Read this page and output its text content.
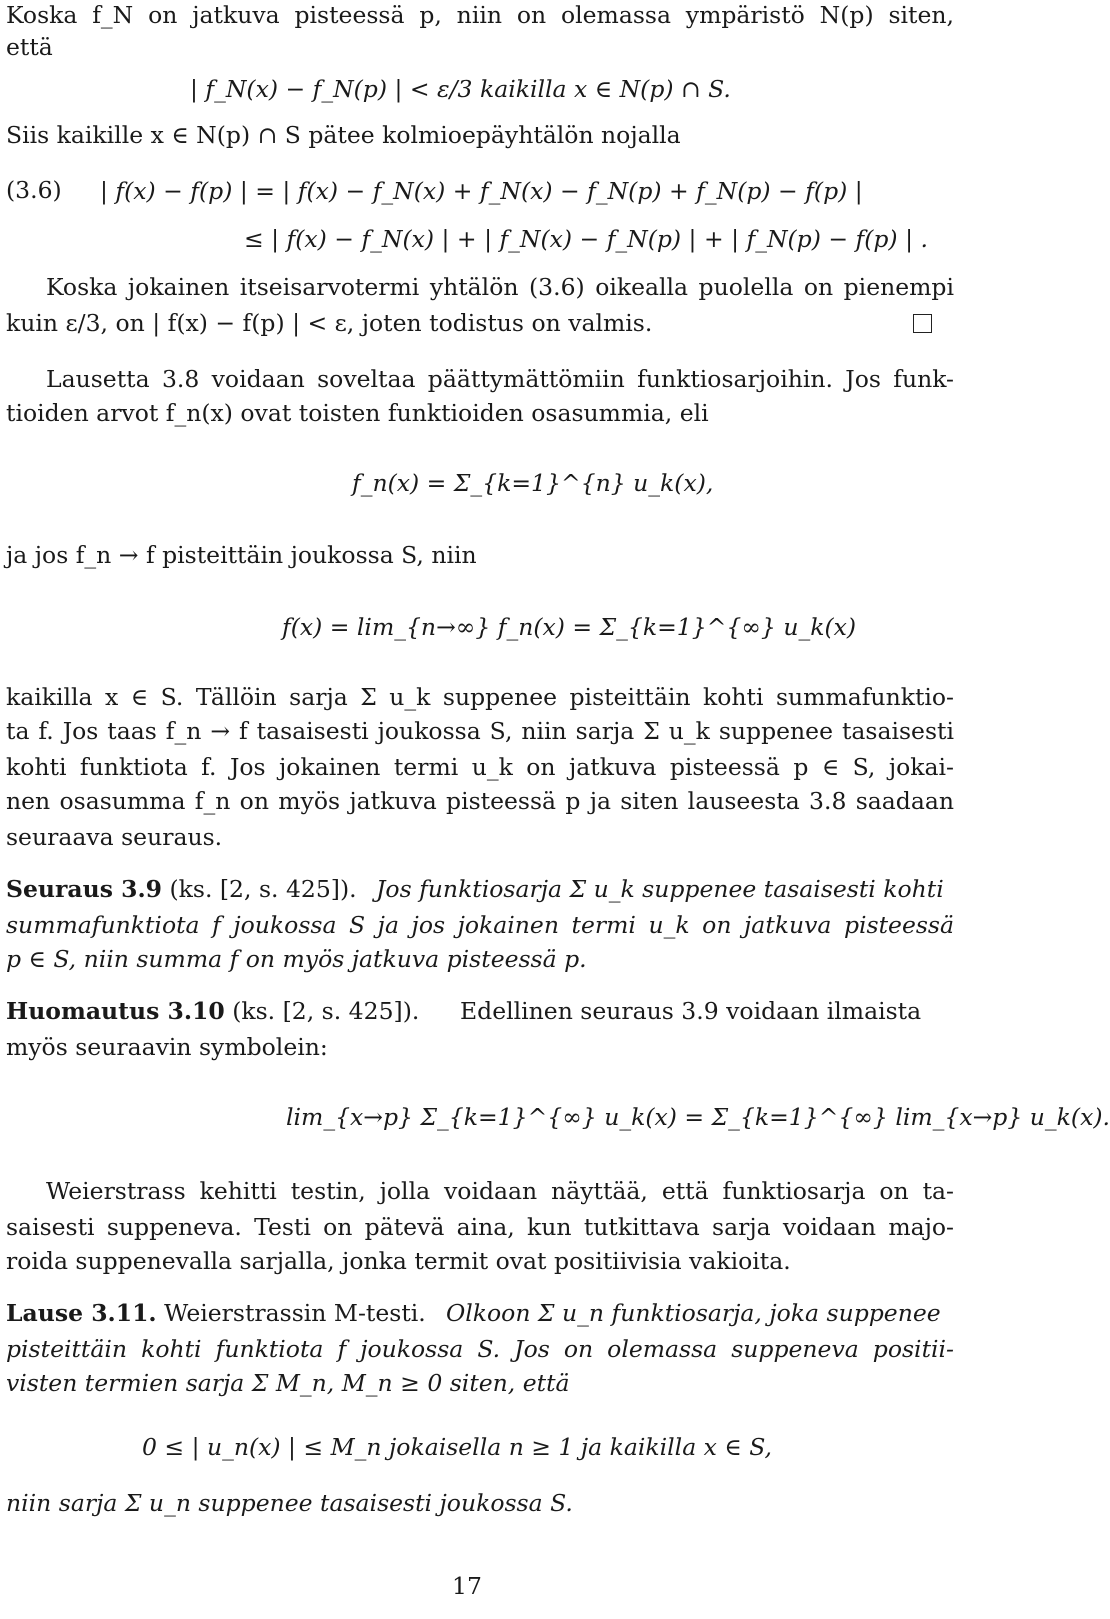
Koska f_N on jatkuva pisteessä p, niin on olemassa ympäristö N(p) siten,
että
| f_N(x) − f_N(p) | < ε/3 kaikilla x ∈ N(p) ∩ S.
Siis kaikille x ∈ N(p) ∩ S pätee kolmioepäyhtälön nojalla
(3.6) | f(x) − f(p) | = | f(x) − f_N(x) + f_N(x) − f_N(p) + f_N(p) − f(p) |
≤ | f(x) − f_N(x) | + | f_N(x) − f_N(p) | + | f_N(p) − f(p) | .
Koska jokainen itseisarvotermi yhtälön (3.6) oikealla puolella on pienempi
kuin ε/3, on | f(x) − f(p) | < ε, joten todistus on valmis.
Lausetta 3.8 voidaan soveltaa päättymättömiin funktiosarjoihin. Jos funk-
tioiden arvot f_n(x) ovat toisten funktioiden osasummia, eli
f_n(x) = Σ_{k=1}^{n} u_k(x),
ja jos f_n → f pisteittäin joukossa S, niin
f(x) = lim_{n→∞} f_n(x) = Σ_{k=1}^{∞} u_k(x)
kaikilla x ∈ S. Tällöin sarja Σ u_k suppenee pisteittäin kohti summafunktio-
ta f. Jos taas f_n → f tasaisesti joukossa S, niin sarja Σ u_k suppenee tasaisesti
kohti funktiota f. Jos jokainen termi u_k on jatkuva pisteessä p ∈ S, jokai-
nen osasumma f_n on myös jatkuva pisteessä p ja siten lauseesta 3.8 saadaan
seuraava seuraus.
Seuraus 3.9 (ks. [2, s. 425]). Jos funktiosarja Σ u_k suppenee tasaisesti kohti
summafunktiota f joukossa S ja jos jokainen termi u_k on jatkuva pisteessä
p ∈ S, niin summa f on myös jatkuva pisteessä p.
Huomautus 3.10 (ks. [2, s. 425]). Edellinen seuraus 3.9 voidaan ilmaista
myös seuraavin symbolein:
lim_{x→p} Σ_{k=1}^{∞} u_k(x) = Σ_{k=1}^{∞} lim_{x→p} u_k(x).
Weierstrass kehitti testin, jolla voidaan näyttää, että funktiosarja on ta-
saisesti suppeneva. Testi on pätevä aina, kun tutkittava sarja voidaan majo-
roida suppenevalla sarjalla, jonka termit ovat positiivisia vakioita.
Lause 3.11. Weierstrassin M-testi. Olkoon Σ u_n funktiosarja, joka suppenee
pisteittäin kohti funktiota f joukossa S. Jos on olemassa suppeneva positii-
visten termien sarja Σ M_n, M_n ≥ 0 siten, että
0 ≤ | u_n(x) | ≤ M_n jokaisella n ≥ 1 ja kaikilla x ∈ S,
niin sarja Σ u_n suppenee tasaisesti joukossa S.
17
